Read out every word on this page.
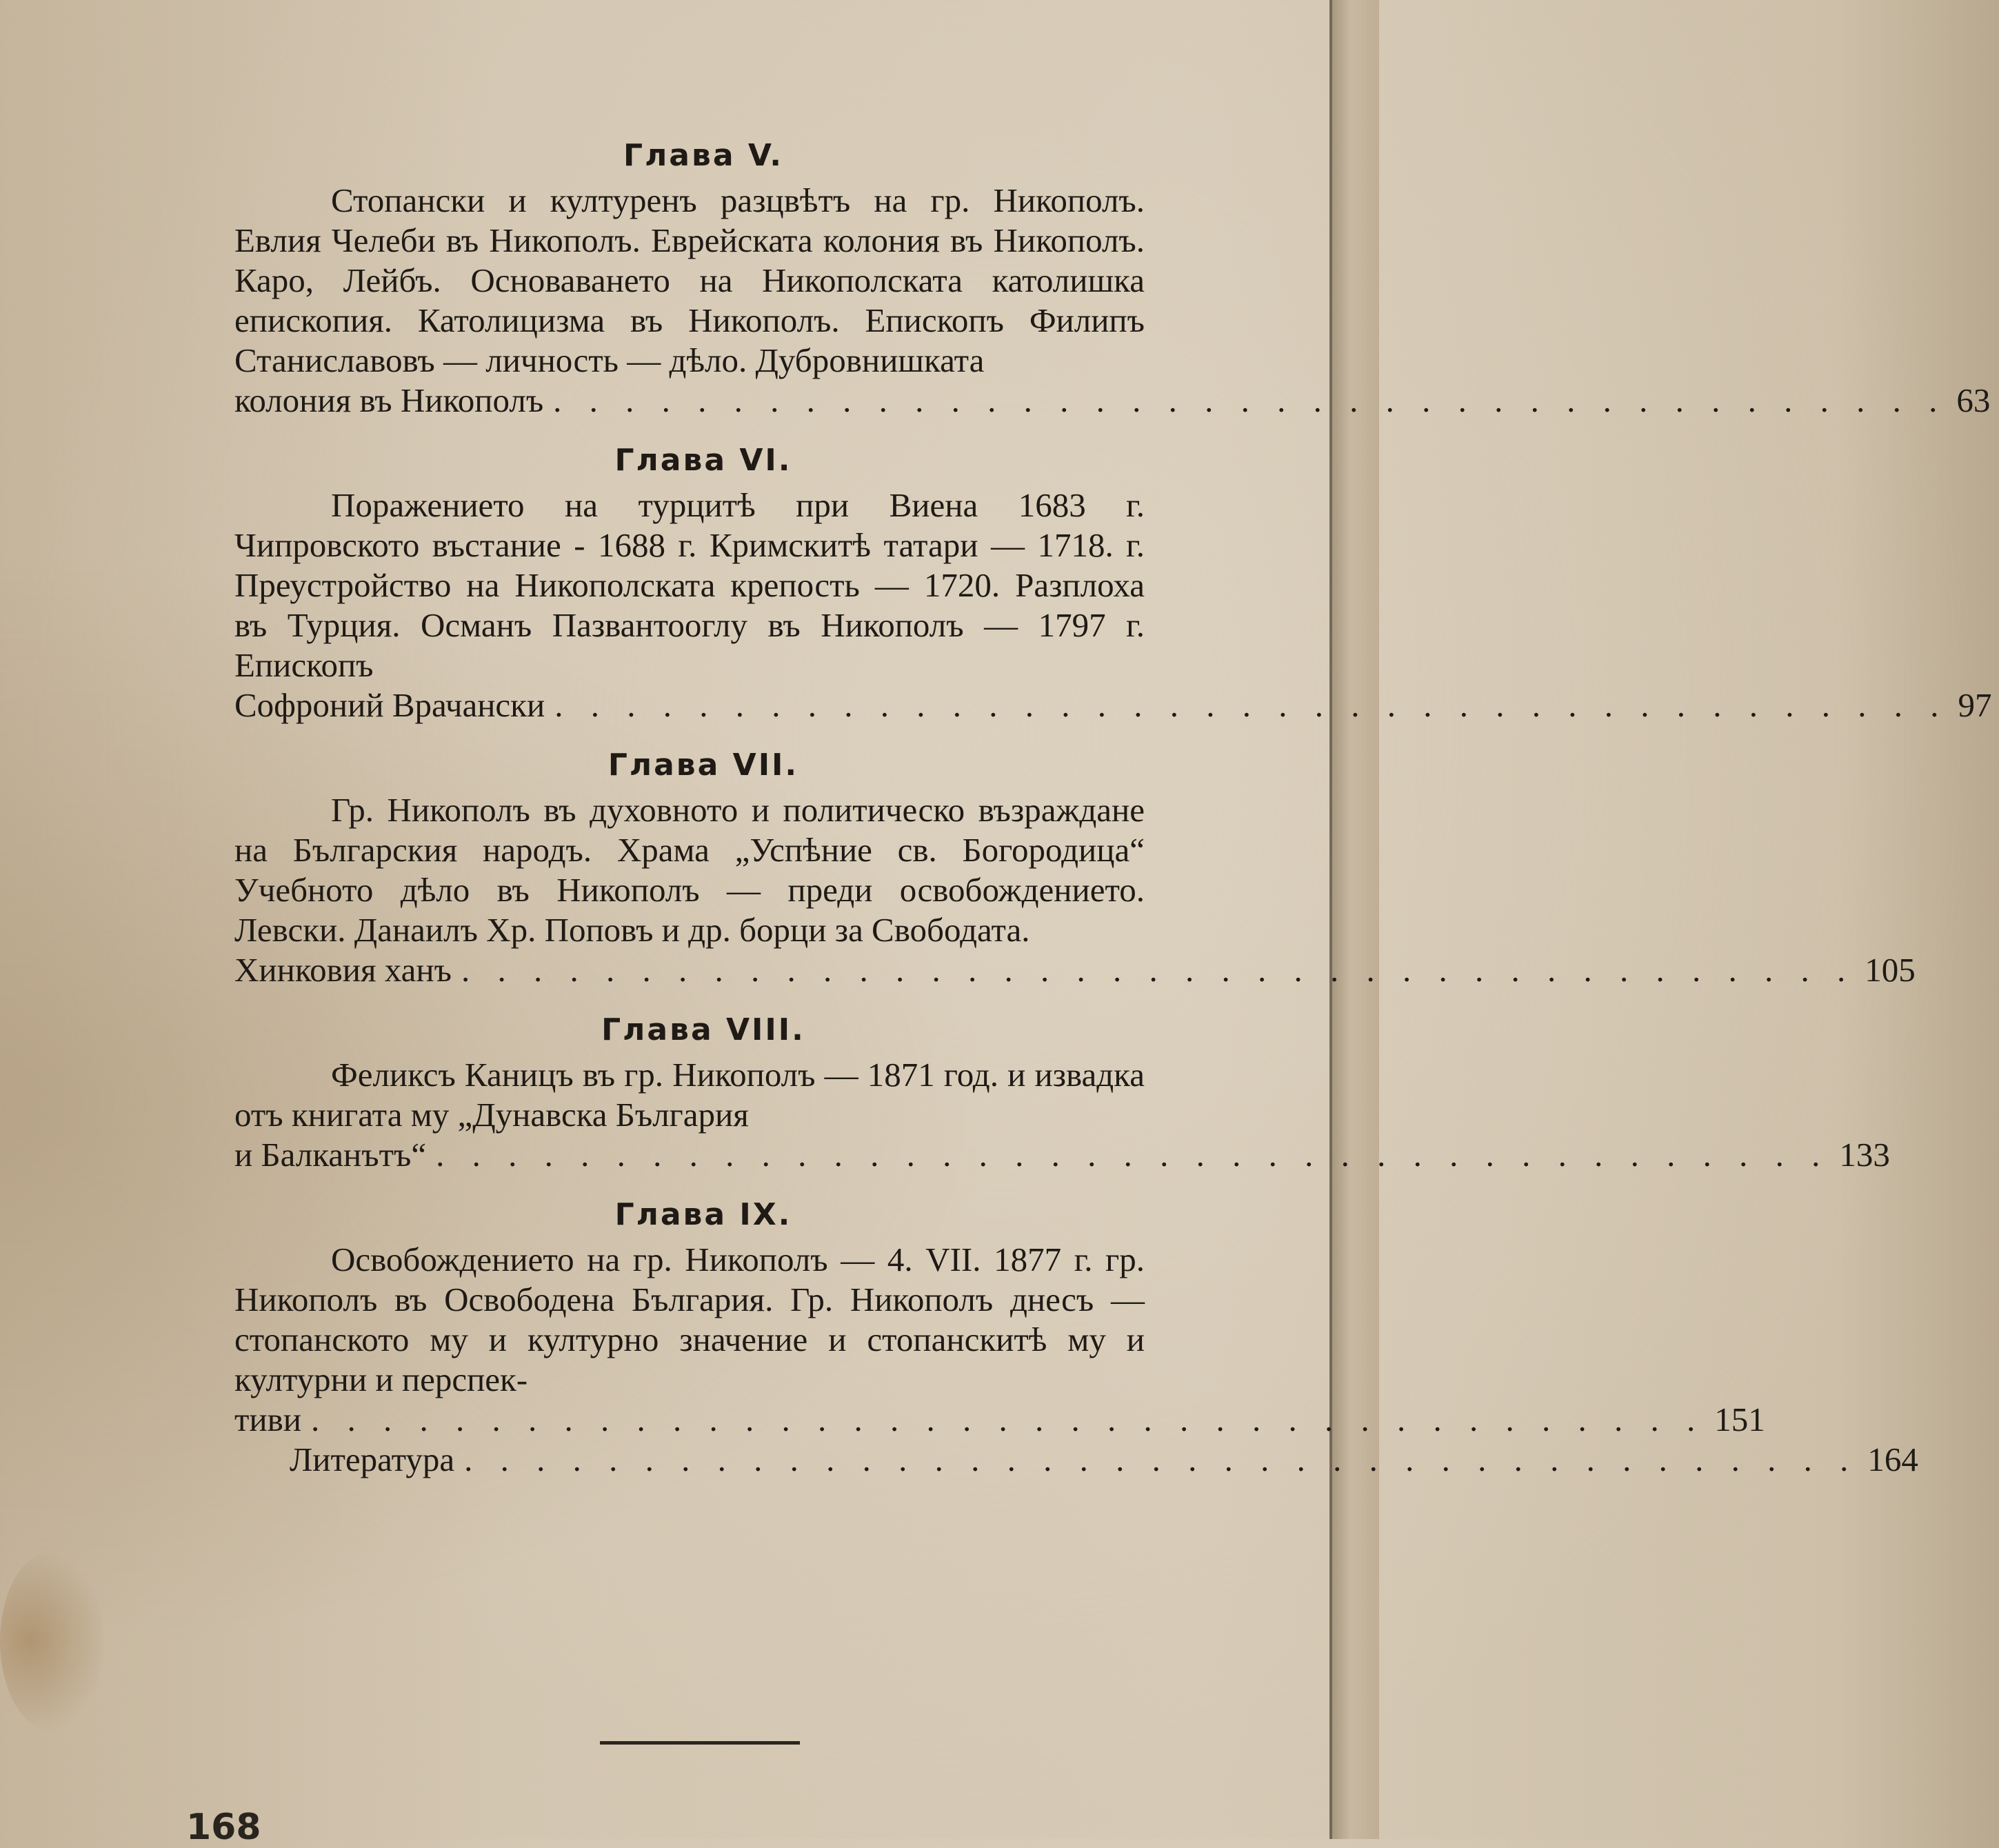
Глава V.
Стопански и културенъ разцвѣтъ на гр. Никополъ. Евлия Челеби въ Никополъ. Еврейската колония въ Никополъ. Каро, Лейбъ. Основаването на Никополската католишка епископия. Католицизма въ Никополъ. Епископъ Филипъ Станиславовъ — личность — дѣло. Дубровнишката
колония въ Никополъ . . . . . . . . . . . . . . . . . . . . . . . . . . . . . . . . . . . . . . . 63
Глава VI.
Поражението на турцитѣ при Виена 1683 г. Чипровското въстание - 1688 г. Кримскитѣ татари — 1718. г. Преустройство на Никополската крепость — 1720. Разплоха въ Турция. Османъ Пазвантооглу въ Никополъ — 1797 г. Епископъ
Софроний Врачански . . . . . . . . . . . . . . . . . . . . . . . . . . . . . . . . . . . . . . . 97
Глава VII.
Гр. Никополъ въ духовното и политическо възраждане на Българския народъ. Храма „Успѣние св. Богородица“ Учебното дѣло въ Никополъ — преди освобождението. Левски. Данаилъ Хр. Поповъ и др. борци за Свободата.
Хинковия ханъ . . . . . . . . . . . . . . . . . . . . . . . . . . . . . . . . . . . . . . . 105
Глава VIII.
Феликсъ Каницъ въ гр. Никополъ — 1871 год. и извадка отъ книгата му „Дунавска България
и Балканътъ“ . . . . . . . . . . . . . . . . . . . . . . . . . . . . . . . . . . . . . . . 133
Глава IX.
Освобождението на гр. Никополъ — 4. VII. 1877 г. гр. Никополъ въ Освободена България. Гр. Никополъ днесъ — стопанското му и културно значение и стопанскитѣ му и културни и перспек-
тиви . . . . . . . . . . . . . . . . . . . . . . . . . . . . . . . . . . . . . . . 151
Литература . . . . . . . . . . . . . . . . . . . . . . . . . . . . . . . . . . . . . . . 164
168
